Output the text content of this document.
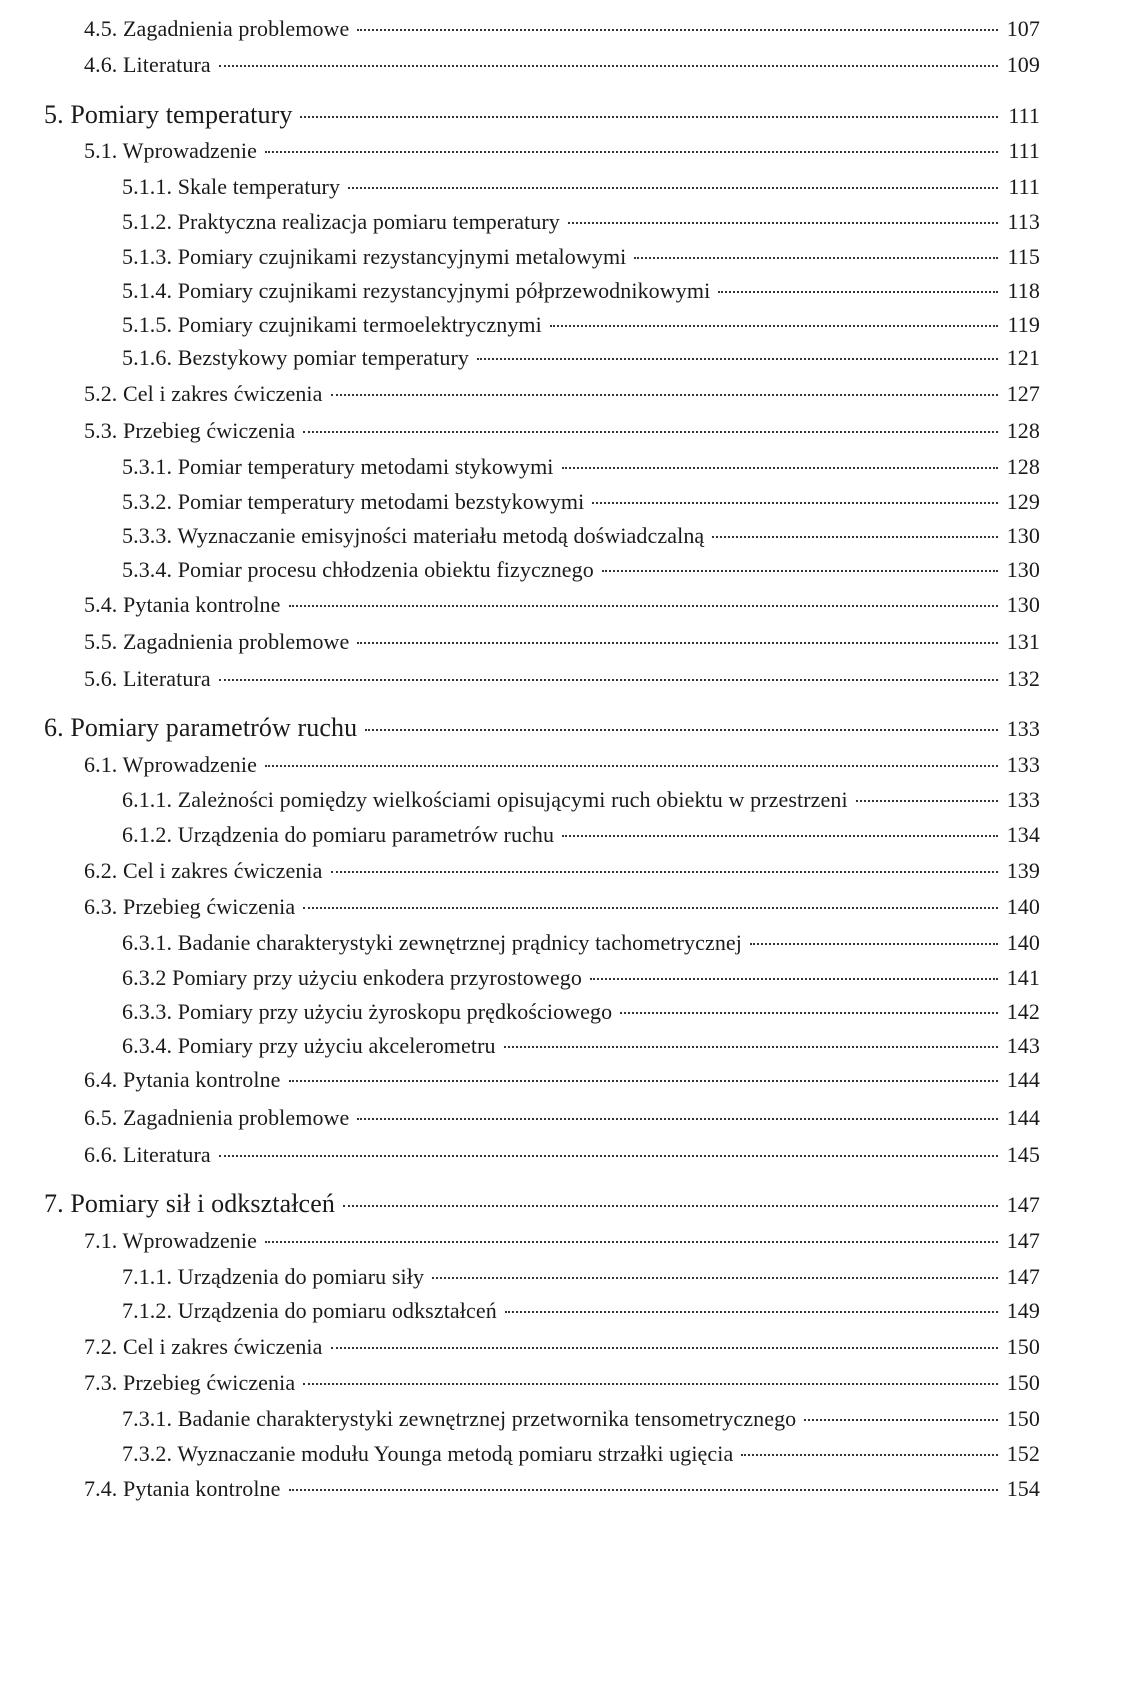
4.5. Zagadnienia problemowe	107
4.6. Literatura	109
5. Pomiary temperatury	111
5.1. Wprowadzenie	111
5.1.1. Skale temperatury	111
5.1.2. Praktyczna realizacja pomiaru temperatury	113
5.1.3. Pomiary czujnikami rezystancyjnymi metalowymi	115
5.1.4. Pomiary czujnikami rezystancyjnymi półprzewodnikowymi	118
5.1.5. Pomiary czujnikami termoelektrycznymi	119
5.1.6. Bezstykowy pomiar temperatury	121
5.2. Cel i zakres ćwiczenia	127
5.3. Przebieg ćwiczenia	128
5.3.1. Pomiar temperatury metodami stykowymi	128
5.3.2. Pomiar temperatury metodami bezstykowymi	129
5.3.3. Wyznaczanie emisyjności materiału metodą doświadczalną	130
5.3.4. Pomiar procesu chłodzenia obiektu fizycznego	130
5.4. Pytania kontrolne	130
5.5. Zagadnienia problemowe	131
5.6. Literatura	132
6. Pomiary parametrów ruchu	133
6.1. Wprowadzenie	133
6.1.1. Zależności pomiędzy wielkościami opisującymi ruch obiektu w przestrzeni	133
6.1.2. Urządzenia do pomiaru parametrów ruchu	134
6.2. Cel i zakres ćwiczenia	139
6.3. Przebieg ćwiczenia	140
6.3.1. Badanie charakterystyki zewnętrznej prądnicy tachometrycznej	140
6.3.2 Pomiary przy użyciu enkodera przyrostowego	141
6.3.3. Pomiary przy użyciu żyroskopu prędkościowego	142
6.3.4. Pomiary przy użyciu akcelerometru	143
6.4. Pytania kontrolne	144
6.5. Zagadnienia problemowe	144
6.6. Literatura	145
7. Pomiary sił i odkształceń	147
7.1. Wprowadzenie	147
7.1.1. Urządzenia do pomiaru siły	147
7.1.2. Urządzenia do pomiaru odkształceń	149
7.2. Cel i zakres ćwiczenia	150
7.3. Przebieg ćwiczenia	150
7.3.1. Badanie charakterystyki zewnętrznej przetwornika tensometrycznego	150
7.3.2. Wyznaczanie modułu Younga metodą pomiaru strzałki ugięcia	152
7.4. Pytania kontrolne	154
